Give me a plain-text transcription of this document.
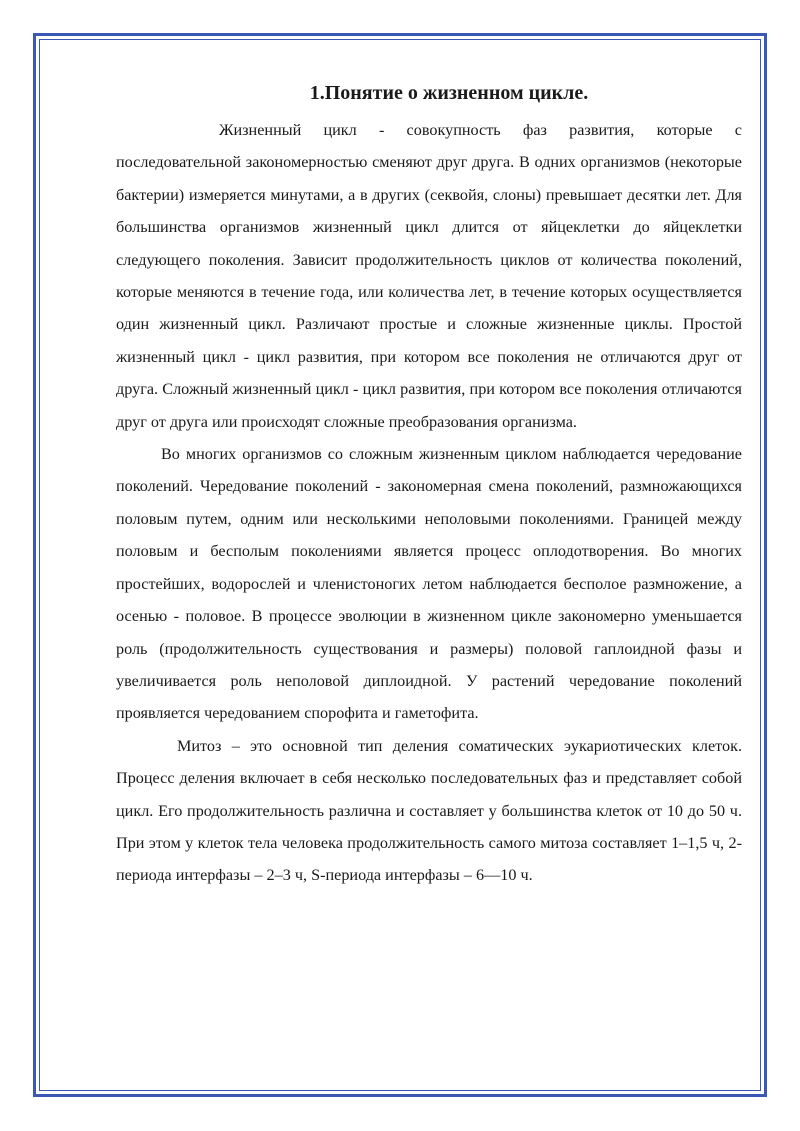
1.Понятие о жизненном цикле.

Жизненный цикл - совокупность фаз развития, которые с последовательной закономерностью сменяют друг друга. В одних организмов (некоторые бактерии) измеряется минутами, а в других (секвойя, слоны) превышает десятки лет. Для большинства организмов жизненный цикл длится от яйцеклетки до яйцеклетки следующего поколения. Зависит продолжительность циклов от количества поколений, которые меняются в течение года, или количества лет, в течение которых осуществляется один жизненный цикл. Различают простые и сложные жизненные циклы. Простой жизненный цикл - цикл развития, при котором все поколения не отличаются друг от друга. Сложный жизненный цикл - цикл развития, при котором все поколения отличаются друг от друга или происходят сложные преобразования организма.

Во многих организмов со сложным жизненным циклом наблюдается чередование поколений. Чередование поколений - закономерная смена поколений, размножающихся половым путем, одним или несколькими неполовыми поколениями. Границей между половым и бесполым поколениями является процесс оплодотворения. Во многих простейших, водорослей и членистоногих летом наблюдается бесполое размножение, а осенью - половое. В процессе эволюции в жизненном цикле закономерно уменьшается роль (продолжительность существования и размеры) половой гаплоидной фазы и увеличивается роль неполовой диплоидной. У растений чередование поколений проявляется чередованием спорофита и гаметофита.

Митоз – это основной тип деления соматических эукариотических клеток. Процесс деления включает в себя несколько последовательных фаз и представляет собой цикл. Его продолжительность различна и составляет у большинства клеток от 10 до 50 ч. При этом у клеток тела человека продолжительность самого митоза составляет 1–1,5 ч, 2-периода интерфазы – 2–3 ч, S-периода интерфазы – 6—10 ч.
